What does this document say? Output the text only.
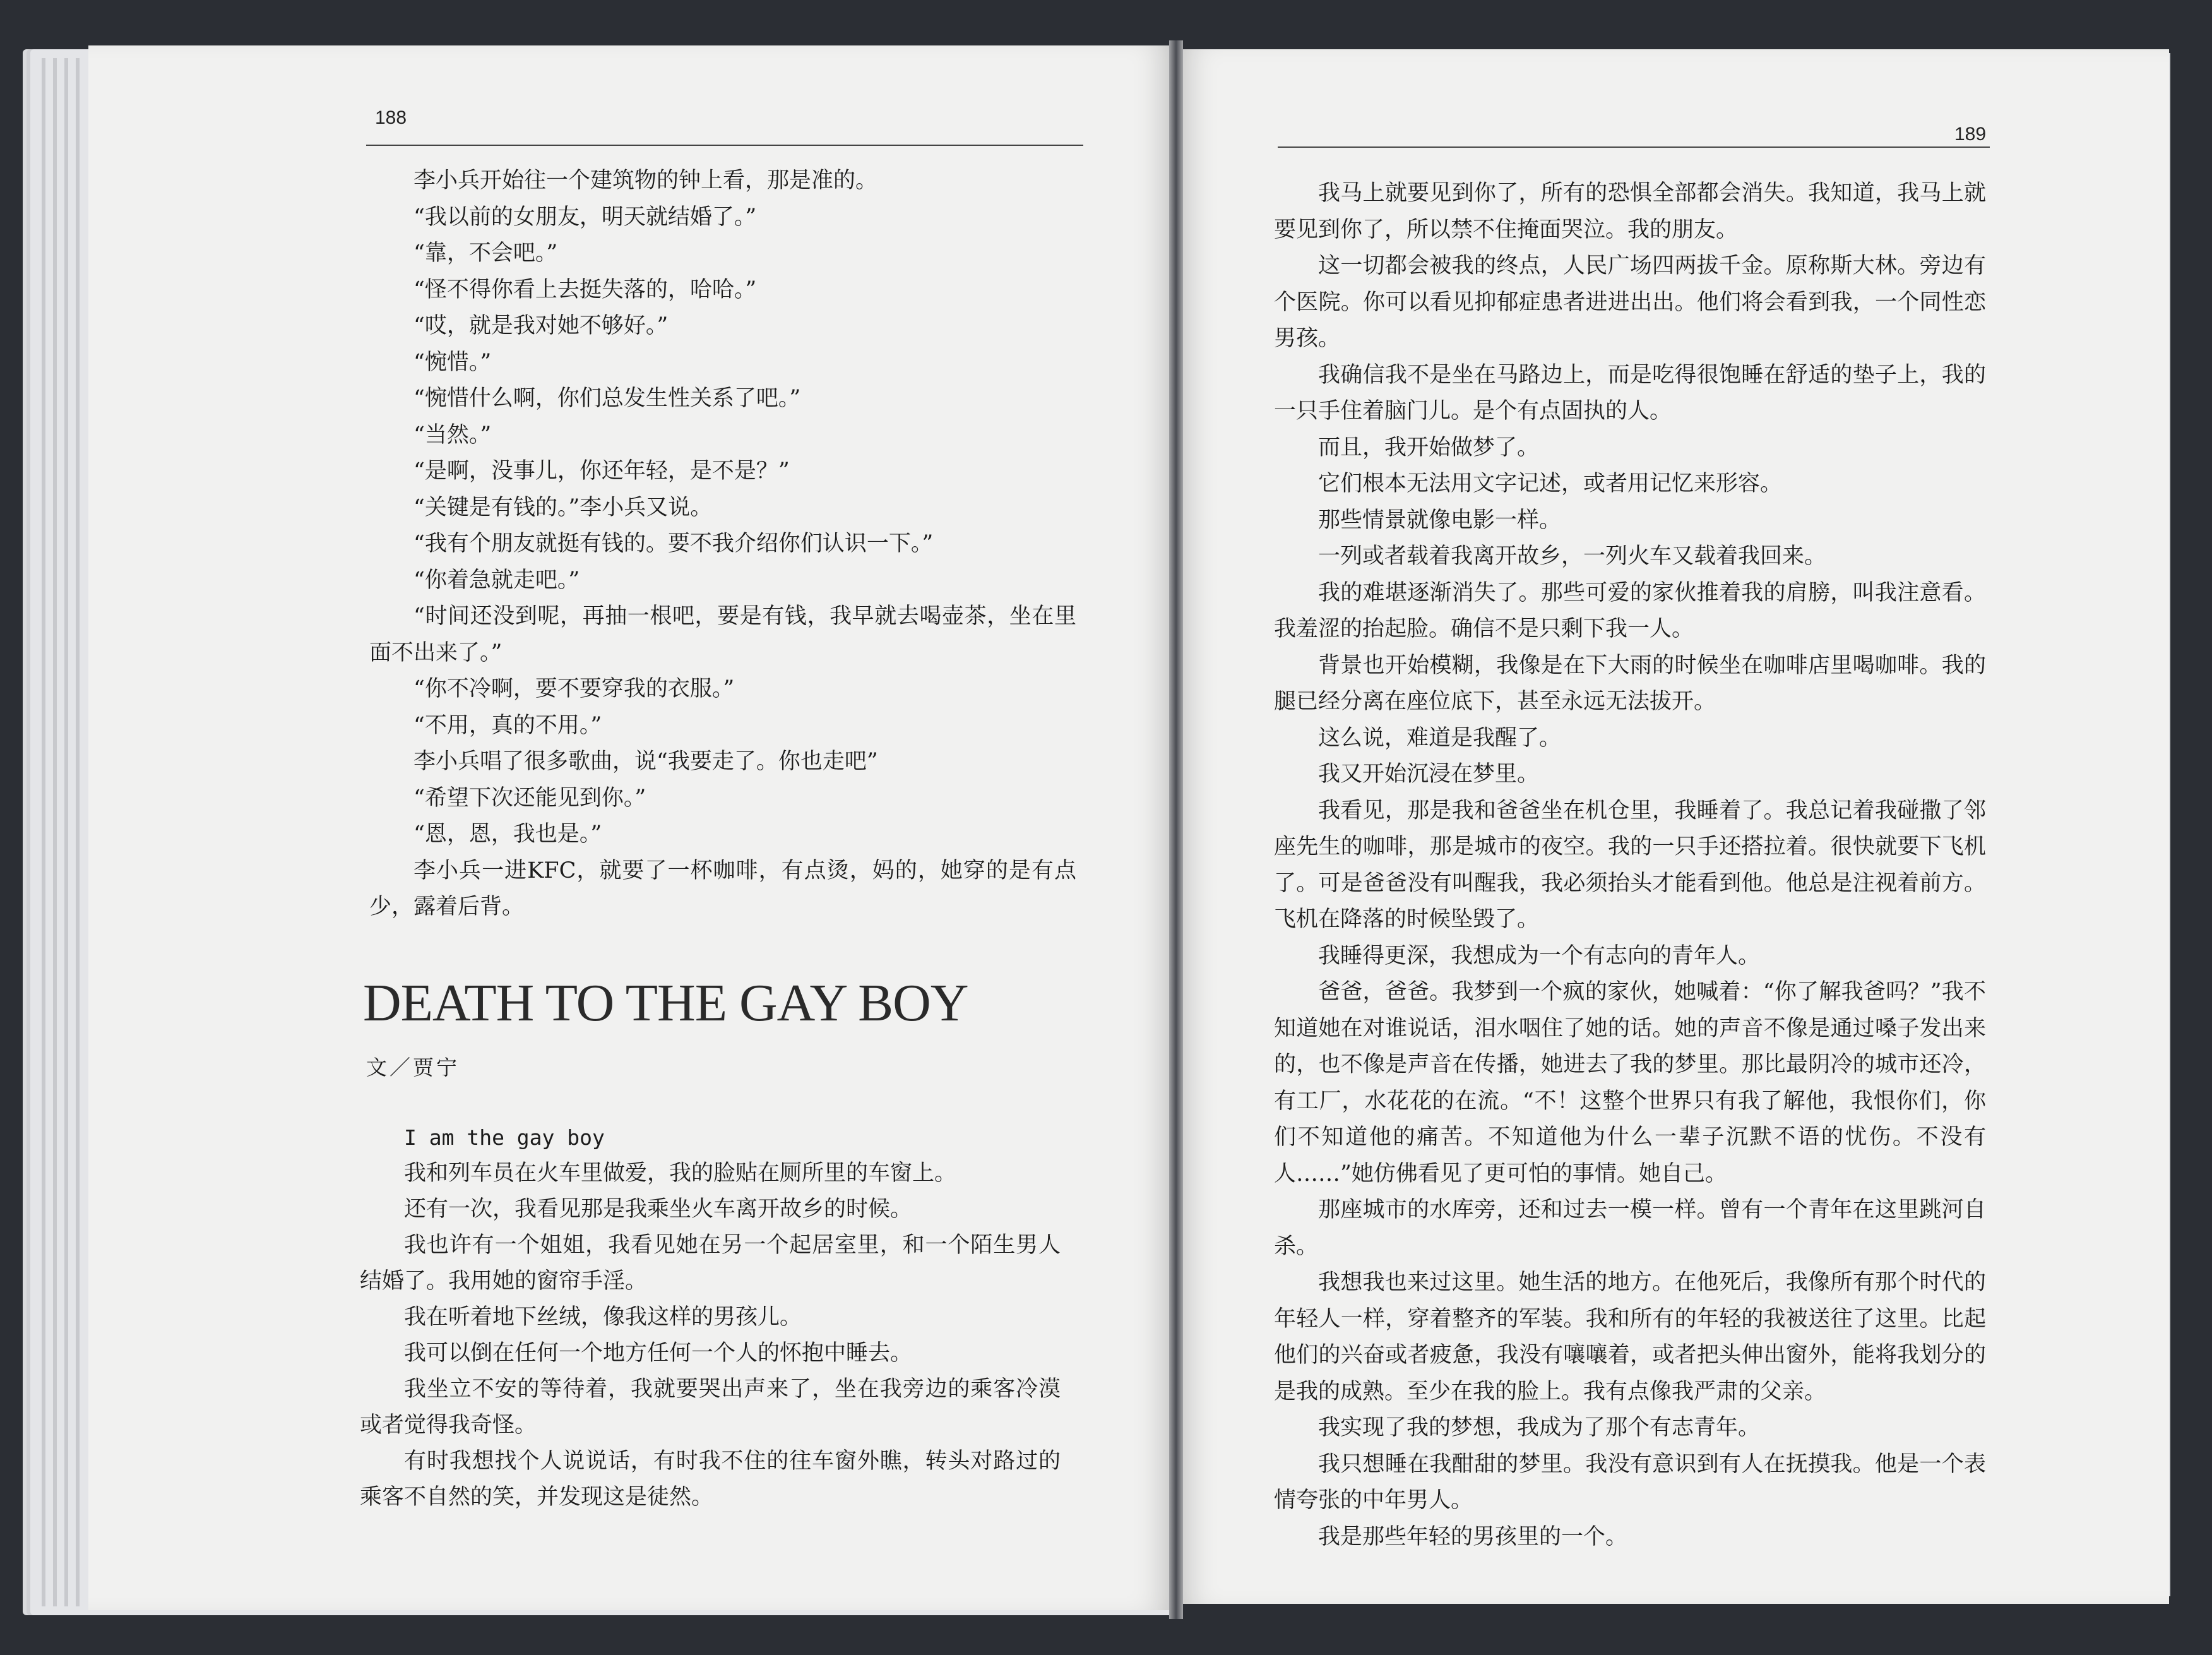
188

李小兵开始往一个建筑物的钟上看，那是准的。

“我以前的女朋友，明天就结婚了。”

“靠，不会吧。”

“怪不得你看上去挺失落的，哈哈。”

“哎，就是我对她不够好。”

“惋惜。”

“惋惜什么啊，你们总发生性关系了吧。”

“当然。”

“是啊，没事儿，你还年轻，是不是？”

“关键是有钱的。”李小兵又说。

“我有个朋友就挺有钱的。要不我介绍你们认识一下。”

“你着急就走吧。”

“时间还没到呢，再抽一根吧，要是有钱，我早就去喝壶茶，坐在里面不出来了。”

“你不冷啊，要不要穿我的衣服。”

“不用，真的不用。”

李小兵唱了很多歌曲，说“我要走了。你也走吧”

“希望下次还能见到你。”

“恩，恩，我也是。”

李小兵一进KFC，就要了一杯咖啡，有点烫，妈的，她穿的是有点少，露着后背。

DEATH TO THE GAY BOY
文／贾宁

I am the gay boy

我和列车员在火车里做爱，我的脸贴在厕所里的车窗上。

还有一次，我看见那是我乘坐火车离开故乡的时候。

我也许有一个姐姐，我看见她在另一个起居室里，和一个陌生男人结婚了。我用她的窗帘手淫。

我在听着地下丝绒，像我这样的男孩儿。

我可以倒在任何一个地方任何一个人的怀抱中睡去。

我坐立不安的等待着，我就要哭出声来了，坐在我旁边的乘客冷漠或者觉得我奇怪。

有时我想找个人说说话，有时我不住的往车窗外瞧，转头对路过的乘客不自然的笑，并发现这是徒然。

189

我马上就要见到你了，所有的恐惧全部都会消失。我知道，我马上就要见到你了，所以禁不住掩面哭泣。我的朋友。

这一切都会被我的终点，人民广场四两拔千金。原称斯大林。旁边有个医院。你可以看见抑郁症患者进进出出。他们将会看到我，一个同性恋男孩。

我确信我不是坐在马路边上，而是吃得很饱睡在舒适的垫子上，我的一只手住着脑门儿。是个有点固执的人。

而且，我开始做梦了。

它们根本无法用文字记述，或者用记忆来形容。

那些情景就像电影一样。

一列或者载着我离开故乡，一列火车又载着我回来。

我的难堪逐渐消失了。那些可爱的家伙推着我的肩膀，叫我注意看。我羞涩的抬起脸。确信不是只剩下我一人。

背景也开始模糊，我像是在下大雨的时候坐在咖啡店里喝咖啡。我的腿已经分离在座位底下，甚至永远无法拔开。

这么说，难道是我醒了。

我又开始沉浸在梦里。

我看见，那是我和爸爸坐在机仓里，我睡着了。我总记着我碰撒了邻座先生的咖啡，那是城市的夜空。我的一只手还搭拉着。很快就要下飞机了。可是爸爸没有叫醒我，我必须抬头才能看到他。他总是注视着前方。飞机在降落的时候坠毁了。

我睡得更深，我想成为一个有志向的青年人。

爸爸，爸爸。我梦到一个疯的家伙，她喊着：“你了解我爸吗？”我不知道她在对谁说话，泪水咽住了她的话。她的声音不像是通过嗓子发出来的，也不像是声音在传播，她进去了我的梦里。那比最阴冷的城市还冷，有工厂，水花花的在流。“不！这整个世界只有我了解他，我恨你们，你们不知道他的痛苦。不知道他为什么一辈子沉默不语的忧伤。不没有人……”她仿佛看见了更可怕的事情。她自己。

那座城市的水库旁，还和过去一模一样。曾有一个青年在这里跳河自杀。

我想我也来过这里。她生活的地方。在他死后，我像所有那个时代的年轻人一样，穿着整齐的军装。我和所有的年轻的我被送往了这里。比起他们的兴奋或者疲惫，我没有嚷嚷着，或者把头伸出窗外，能将我划分的是我的成熟。至少在我的脸上。我有点像我严肃的父亲。

我实现了我的梦想，我成为了那个有志青年。

我只想睡在我酣甜的梦里。我没有意识到有人在抚摸我。他是一个表情夸张的中年男人。

我是那些年轻的男孩里的一个。
